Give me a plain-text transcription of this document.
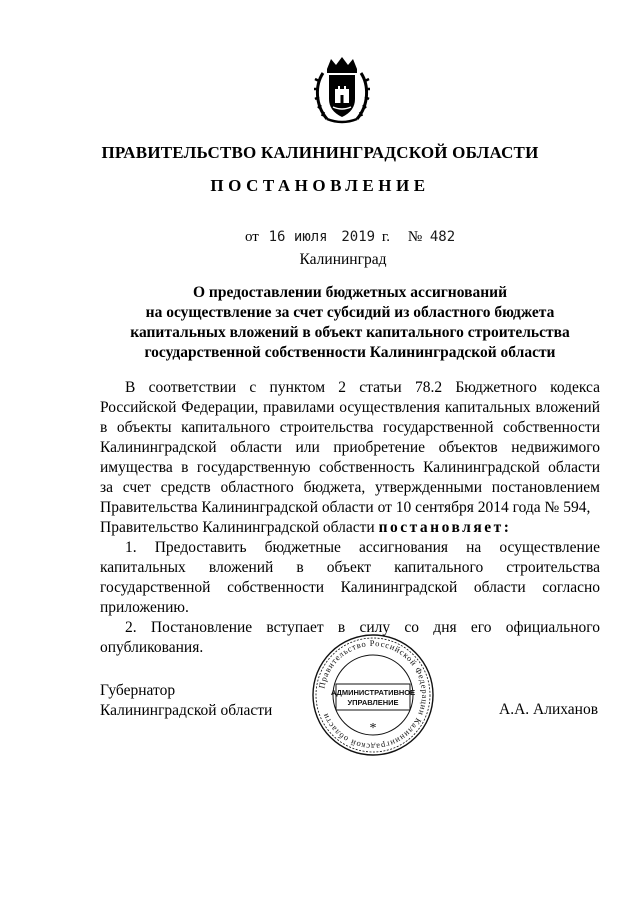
ПРАВИТЕЛЬСТВО КАЛИНИНГРАДСКОЙ ОБЛАСТИ
ПОСТАНОВЛЕНИЕ
от 16 июля 2019 г. № 482
Калининград
О предоставлении бюджетных ассигнований
на осуществление за счет субсидий из областного бюджета
капитальных вложений в объект капитального строительства
государственной собственности Калининградской области
В соответствии с пунктом 2 статьи 78.2 Бюджетного кодекса
Российской Федерации, правилами осуществления капитальных вложений
в объекты капитального строительства государственной собственности
Калининградской области или приобретение объектов недвижимого
имущества в государственную собственность Калининградской области
за счет средств областного бюджета, утвержденными постановлением
Правительства Калининградской области от 10 сентября 2014 года № 594,
Правительство Калининградской области постановляет:
1. Предоставить бюджетные ассигнования на осуществление
капитальных вложений в объект капитального строительства
государственной собственности Калининградской области согласно
приложению.
2. Постановление вступает в силу со дня его официального
опубликования.
Губернатор
Калининградской области	А.А. Алиханов
Правительство Российской Федерации Калининградской области
АДМИНИСТРАТИВНОЕ
УПРАВЛЕНИЕ
*
